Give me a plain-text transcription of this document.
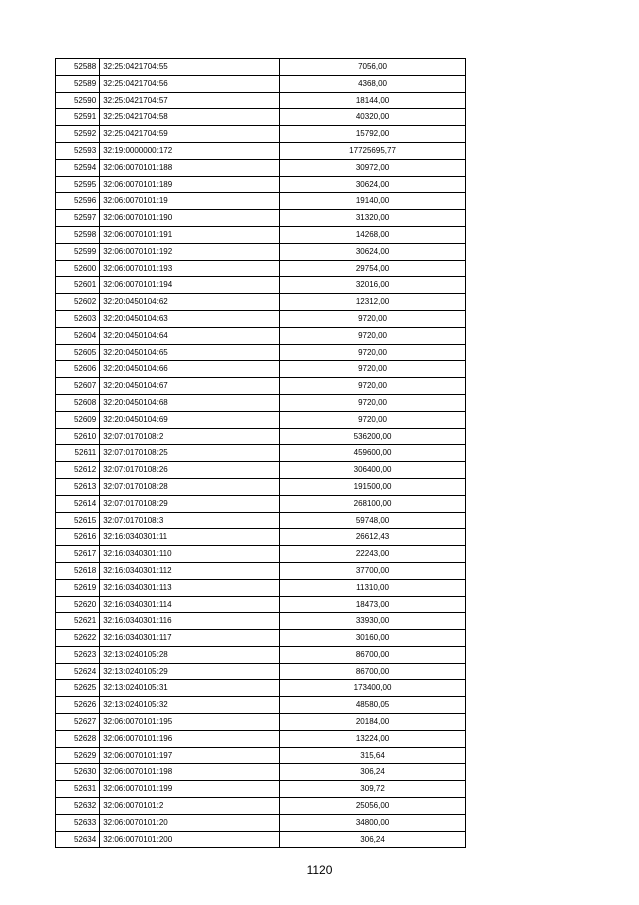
52588	32:25:0421704:55	7056,00
52589	32:25:0421704:56	4368,00
52590	32:25:0421704:57	18144,00
52591	32:25:0421704:58	40320,00
52592	32:25:0421704:59	15792,00
52593	32:19:0000000:172	17725695,77
52594	32:06:0070101:188	30972,00
52595	32:06:0070101:189	30624,00
52596	32:06:0070101:19	19140,00
52597	32:06:0070101:190	31320,00
52598	32:06:0070101:191	14268,00
52599	32:06:0070101:192	30624,00
52600	32:06:0070101:193	29754,00
52601	32:06:0070101:194	32016,00
52602	32:20:0450104:62	12312,00
52603	32:20:0450104:63	9720,00
52604	32:20:0450104:64	9720,00
52605	32:20:0450104:65	9720,00
52606	32:20:0450104:66	9720,00
52607	32:20:0450104:67	9720,00
52608	32:20:0450104:68	9720,00
52609	32:20:0450104:69	9720,00
52610	32:07:0170108:2	536200,00
52611	32:07:0170108:25	459600,00
52612	32:07:0170108:26	306400,00
52613	32:07:0170108:28	191500,00
52614	32:07:0170108:29	268100,00
52615	32:07:0170108:3	59748,00
52616	32:16:0340301:11	26612,43
52617	32:16:0340301:110	22243,00
52618	32:16:0340301:112	37700,00
52619	32:16:0340301:113	11310,00
52620	32:16:0340301:114	18473,00
52621	32:16:0340301:116	33930,00
52622	32:16:0340301:117	30160,00
52623	32:13:0240105:28	86700,00
52624	32:13:0240105:29	86700,00
52625	32:13:0240105:31	173400,00
52626	32:13:0240105:32	48580,05
52627	32:06:0070101:195	20184,00
52628	32:06:0070101:196	13224,00
52629	32:06:0070101:197	315,64
52630	32:06:0070101:198	306,24
52631	32:06:0070101:199	309,72
52632	32:06:0070101:2	25056,00
52633	32:06:0070101:20	34800,00
52634	32:06:0070101:200	306,24
1120
